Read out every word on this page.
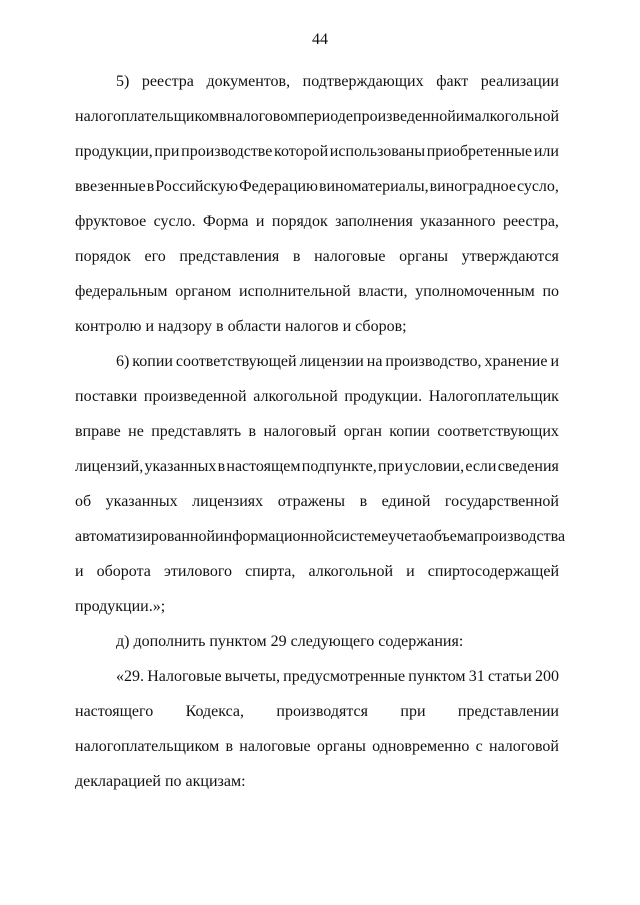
44
5) реестра документов, подтверждающих факт реализации
налогоплательщиком в налоговом периоде произведенной им алкогольной
продукции, при производстве которой использованы приобретенные или
ввезенные в Российскую Федерацию виноматериалы, виноградное сусло,
фруктовое сусло. Форма и порядок заполнения указанного реестра,
порядок его представления в налоговые органы утверждаются
федеральным органом исполнительной власти, уполномоченным по
контролю и надзору в области налогов и сборов;
6) копии соответствующей лицензии на производство, хранение и
поставки произведенной алкогольной продукции. Налогоплательщик
вправе не представлять в налоговый орган копии соответствующих
лицензий, указанных в настоящем подпункте, при условии, если сведения
об указанных лицензиях отражены в единой государственной
автоматизированной информационной системе учета объема производства
и оборота этилового спирта, алкогольной и спиртосодержащей
продукции.»;
д) дополнить пунктом 29 следующего содержания:
«29. Налоговые вычеты, предусмотренные пунктом 31 статьи 200
настоящего Кодекса, производятся при представлении
налогоплательщиком в налоговые органы одновременно с налоговой
декларацией по акцизам:
